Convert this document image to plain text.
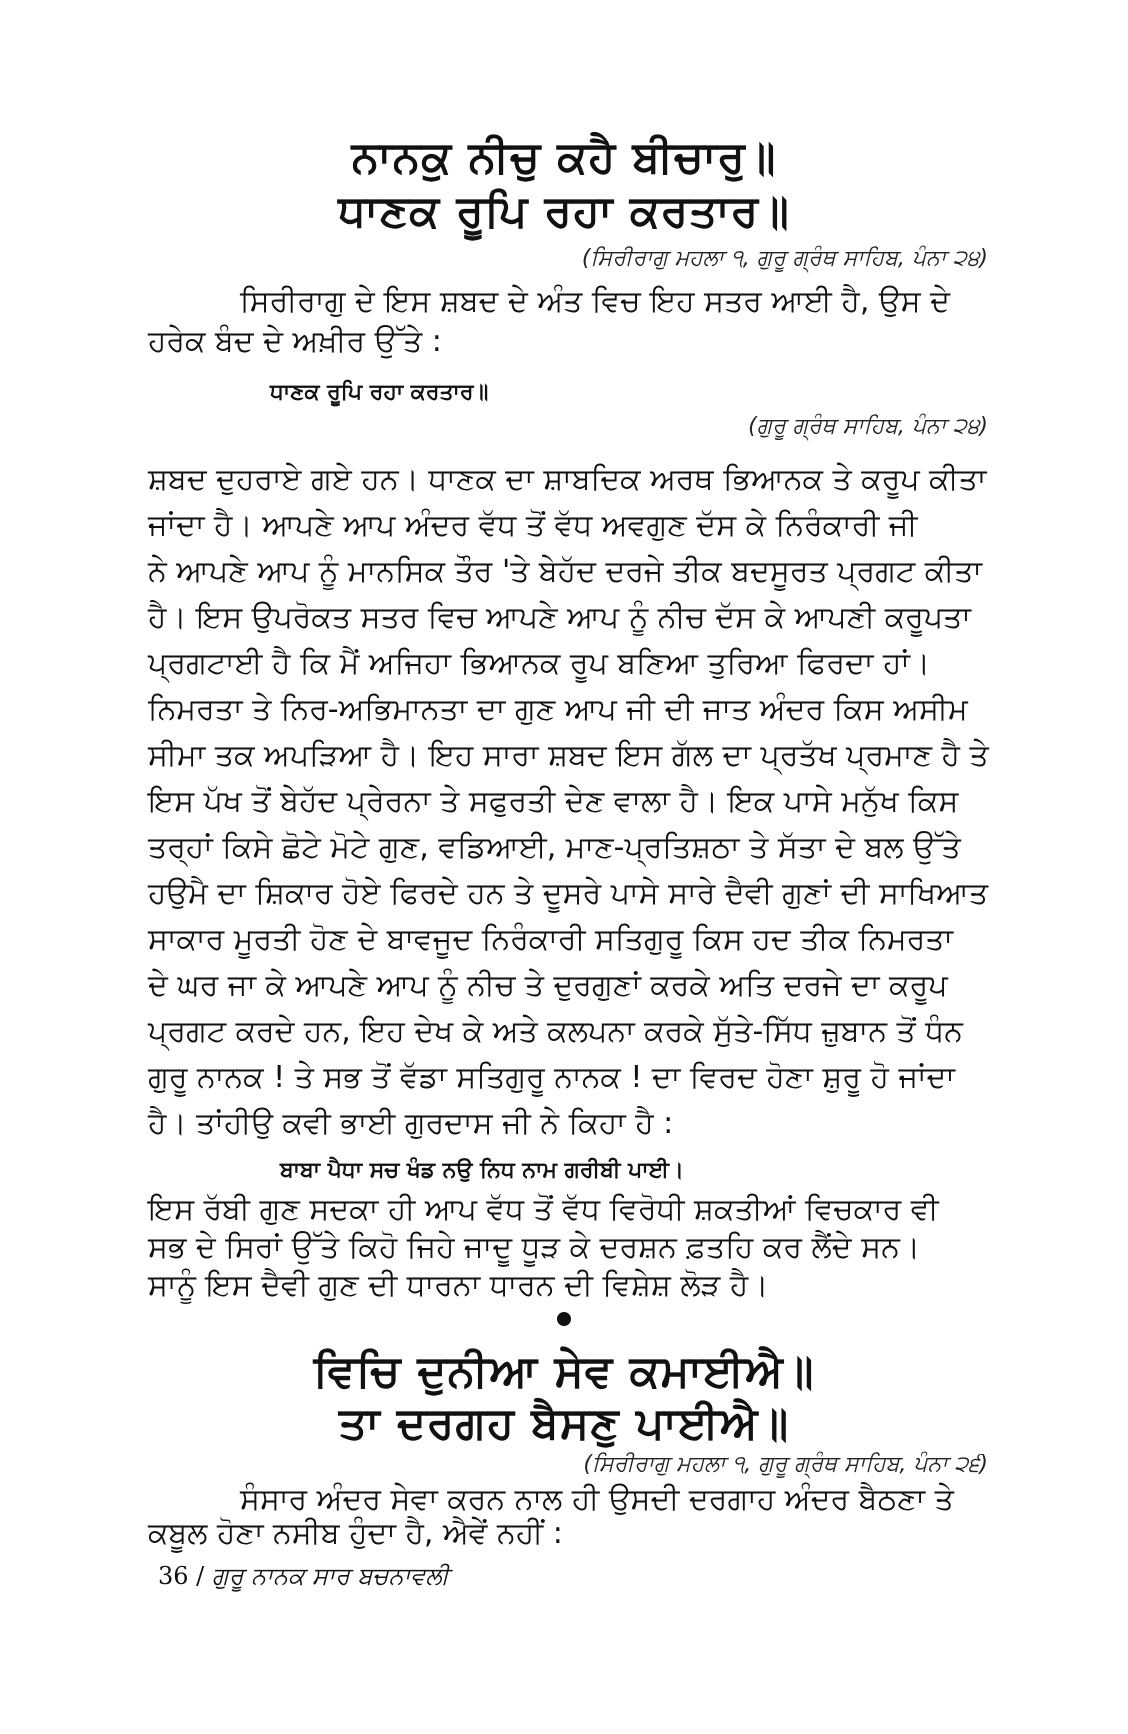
ਨਾਨਕੁ ਨੀਚੁ ਕਹੈ ਬੀਚਾਰੁ॥
ਧਾਣਕ ਰੂਪਿ ਰਹਾ ਕਰਤਾਰ॥
(ਸਿਰੀਰਾਗੁ ਮਹਲਾ ੧, ਗੁਰੂ ਗ੍ਰੰਥ ਸਾਹਿਬ, ਪੰਨਾ ੨੪)
ਸਿਰੀਰਾਗੁ ਦੇ ਇਸ ਸ਼ਬਦ ਦੇ ਅੰਤ ਵਿਚ ਇਹ ਸਤਰ ਆਈ ਹੈ, ਉਸ ਦੇ
ਹਰੇਕ ਬੰਦ ਦੇ ਅਖ਼ੀਰ ਉੱਤੇ :
ਧਾਣਕ ਰੂਪਿ ਰਹਾ ਕਰਤਾਰ॥
(ਗੁਰੂ ਗ੍ਰੰਥ ਸਾਹਿਬ, ਪੰਨਾ ੨੪)
ਸ਼ਬਦ ਦੁਹਰਾਏ ਗਏ ਹਨ। ਧਾਣਕ ਦਾ ਸ਼ਾਬਦਿਕ ਅਰਥ ਭਿਆਨਕ ਤੇ ਕਰੂਪ ਕੀਤਾ
ਜਾਂਦਾ ਹੈ। ਆਪਣੇ ਆਪ ਅੰਦਰ ਵੱਧ ਤੋਂ ਵੱਧ ਅਵਗੁਣ ਦੱਸ ਕੇ ਨਿਰੰਕਾਰੀ ਜੀ
ਨੇ ਆਪਣੇ ਆਪ ਨੂੰ ਮਾਨਸਿਕ ਤੌਰ 'ਤੇ ਬੇਹੱਦ ਦਰਜੇ ਤੀਕ ਬਦਸੂਰਤ ਪ੍ਰਗਟ ਕੀਤਾ
ਹੈ। ਇਸ ਉਪਰੋਕਤ ਸਤਰ ਵਿਚ ਆਪਣੇ ਆਪ ਨੂੰ ਨੀਚ ਦੱਸ ਕੇ ਆਪਣੀ ਕਰੂਪਤਾ
ਪ੍ਰਗਟਾਈ ਹੈ ਕਿ ਮੈਂ ਅਜਿਹਾ ਭਿਆਨਕ ਰੂਪ ਬਣਿਆ ਤੁਰਿਆ ਫਿਰਦਾ ਹਾਂ।
ਨਿਮਰਤਾ ਤੇ ਨਿਰ-ਅਭਿਮਾਨਤਾ ਦਾ ਗੁਣ ਆਪ ਜੀ ਦੀ ਜਾਤ ਅੰਦਰ ਕਿਸ ਅਸੀਮ
ਸੀਮਾ ਤਕ ਅਪੜਿਆ ਹੈ। ਇਹ ਸਾਰਾ ਸ਼ਬਦ ਇਸ ਗੱਲ ਦਾ ਪ੍ਰਤੱਖ ਪ੍ਰਮਾਣ ਹੈ ਤੇ
ਇਸ ਪੱਖ ਤੋਂ ਬੇਹੱਦ ਪ੍ਰੇਰਨਾ ਤੇ ਸਫੁਰਤੀ ਦੇਣ ਵਾਲਾ ਹੈ। ਇਕ ਪਾਸੇ ਮਨੁੱਖ ਕਿਸ
ਤਰ੍ਹਾਂ ਕਿਸੇ ਛੋਟੇ ਮੋਟੇ ਗੁਣ, ਵਡਿਆਈ, ਮਾਣ-ਪ੍ਰਤਿਸ਼ਠਾ ਤੇ ਸੱਤਾ ਦੇ ਬਲ ਉੱਤੇ
ਹਉਮੈ ਦਾ ਸ਼ਿਕਾਰ ਹੋਏ ਫਿਰਦੇ ਹਨ ਤੇ ਦੂਸਰੇ ਪਾਸੇ ਸਾਰੇ ਦੈਵੀ ਗੁਣਾਂ ਦੀ ਸਾਖਿਆਤ
ਸਾਕਾਰ ਮੂਰਤੀ ਹੋਣ ਦੇ ਬਾਵਜੂਦ ਨਿਰੰਕਾਰੀ ਸਤਿਗੁਰੂ ਕਿਸ ਹਦ ਤੀਕ ਨਿਮਰਤਾ
ਦੇ ਘਰ ਜਾ ਕੇ ਆਪਣੇ ਆਪ ਨੂੰ ਨੀਚ ਤੇ ਦੁਰਗੁਣਾਂ ਕਰਕੇ ਅਤਿ ਦਰਜੇ ਦਾ ਕਰੂਪ
ਪ੍ਰਗਟ ਕਰਦੇ ਹਨ, ਇਹ ਦੇਖ ਕੇ ਅਤੇ ਕਲਪਨਾ ਕਰਕੇ ਸੁੱਤੇ-ਸਿੱਧ ਜ਼ੁਬਾਨ ਤੋਂ ਧੰਨ
ਗੁਰੂ ਨਾਨਕ ! ਤੇ ਸਭ ਤੋਂ ਵੱਡਾ ਸਤਿਗੁਰੂ ਨਾਨਕ ! ਦਾ ਵਿਰਦ ਹੋਣਾ ਸ਼ੁਰੂ ਹੋ ਜਾਂਦਾ
ਹੈ। ਤਾਂਹੀਉ ਕਵੀ ਭਾਈ ਗੁਰਦਾਸ ਜੀ ਨੇ ਕਿਹਾ ਹੈ :
ਬਾਬਾ ਪੈਧਾ ਸਚ ਖੰਡ ਨਉ ਨਿਧ ਨਾਮ ਗਰੀਬੀ ਪਾਈ।
ਇਸ ਰੱਬੀ ਗੁਣ ਸਦਕਾ ਹੀ ਆਪ ਵੱਧ ਤੋਂ ਵੱਧ ਵਿਰੋਧੀ ਸ਼ਕਤੀਆਂ ਵਿਚਕਾਰ ਵੀ
ਸਭ ਦੇ ਸਿਰਾਂ ਉੱਤੇ ਕਿਹੋ ਜਿਹੇ ਜਾਦੂ ਧੂੜ ਕੇ ਦਰਸ਼ਨ ਫ਼ਤਹਿ ਕਰ ਲੈਂਦੇ ਸਨ।
ਸਾਨੂੰ ਇਸ ਦੈਵੀ ਗੁਣ ਦੀ ਧਾਰਨਾ ਧਾਰਨ ਦੀ ਵਿਸ਼ੇਸ਼ ਲੋੜ ਹੈ।
ਵਿਚਿ ਦੁਨੀਆ ਸੇਵ ਕਮਾਈਐ॥
ਤਾ ਦਰਗਹ ਬੈਸਣੁ ਪਾਈਐ॥
(ਸਿਰੀਰਾਗੁ ਮਹਲਾ ੧, ਗੁਰੂ ਗ੍ਰੰਥ ਸਾਹਿਬ, ਪੰਨਾ ੨੬)
ਸੰਸਾਰ ਅੰਦਰ ਸੇਵਾ ਕਰਨ ਨਾਲ ਹੀ ਉਸਦੀ ਦਰਗਾਹ ਅੰਦਰ ਬੈਠਣਾ ਤੇ
ਕਬੂਲ ਹੋਣਾ ਨਸੀਬ ਹੁੰਦਾ ਹੈ, ਐਵੇਂ ਨਹੀਂ :
36 / ਗੁਰੂ ਨਾਨਕ ਸਾਰ ਬਚਨਾਵਲੀ
